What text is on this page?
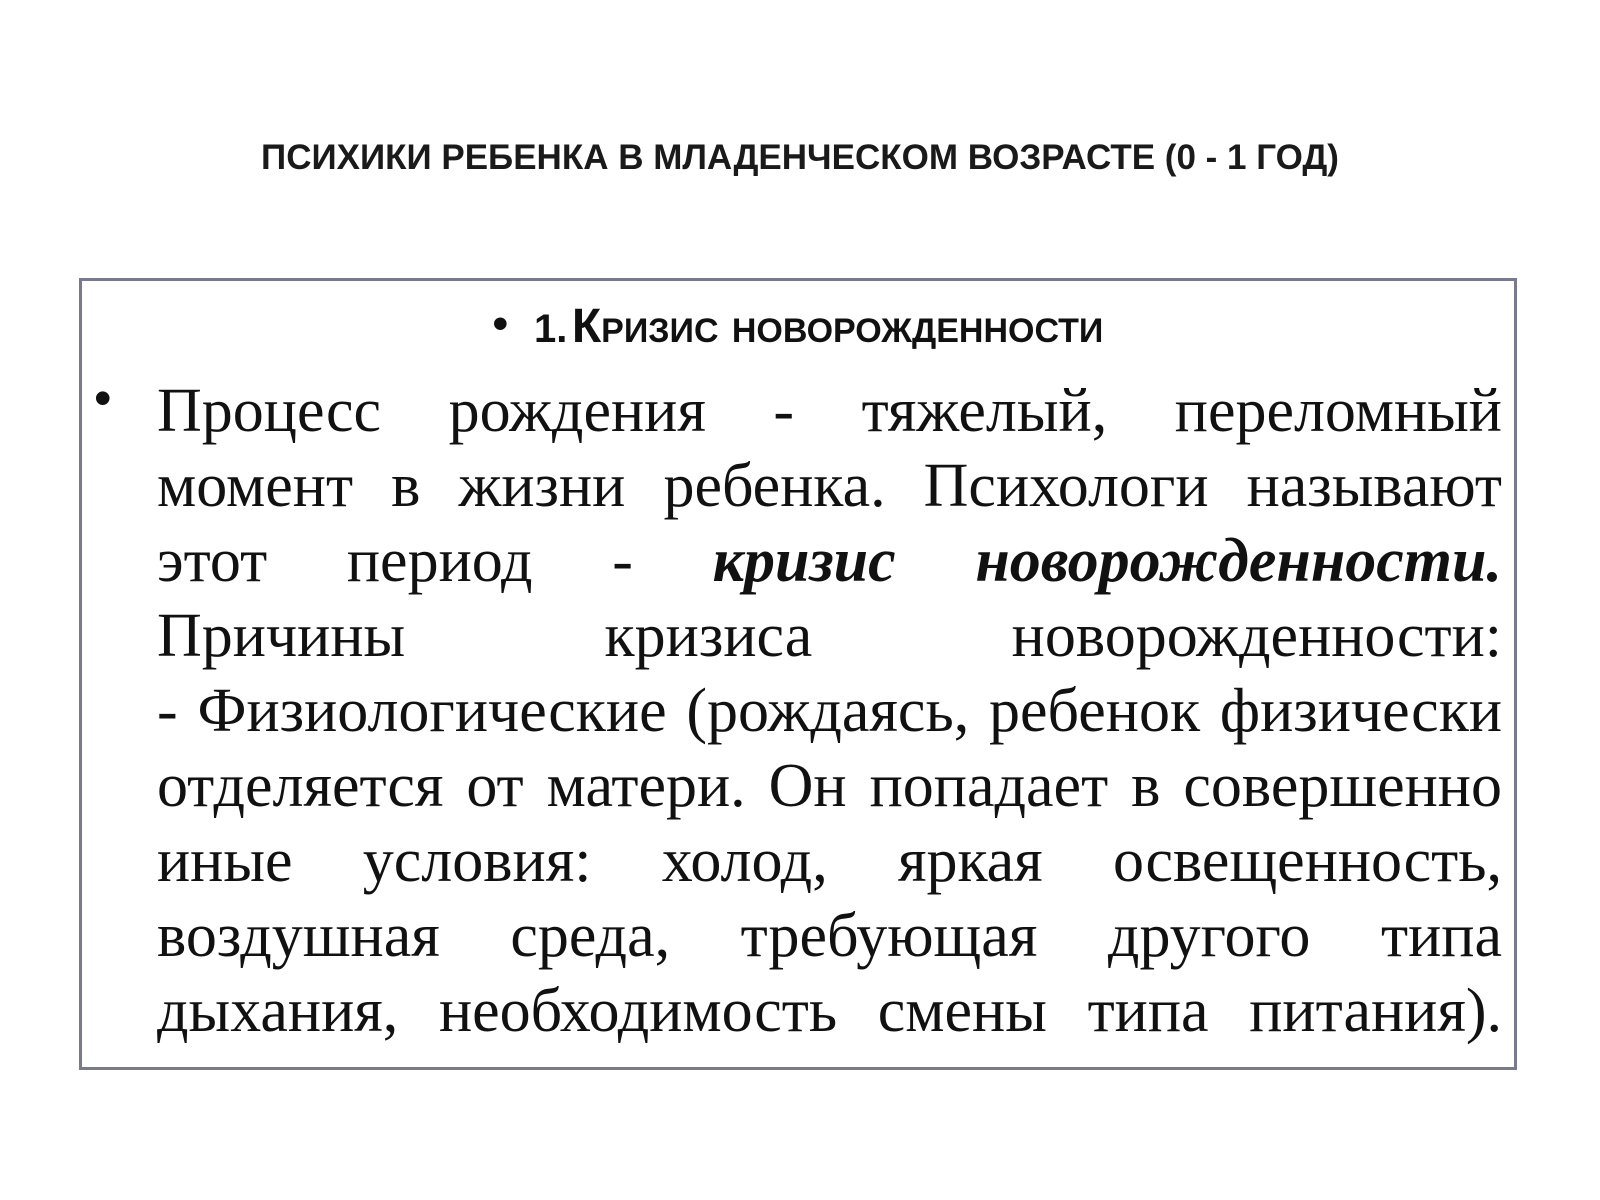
ПСИХИКИ РЕБЕНКА В МЛАДЕНЧЕСКОМ ВОЗРАСТЕ (0 - 1 ГОД)
• 1. Кризис новорожденности
• Процесс рождения - тяжелый, переломный
момент в жизни ребенка. Психологи называют
этот период - кризис новорожденности.
Причины кризиса новорожденности:
- Физиологические (рождаясь, ребенок физически
отделяется от матери. Он попадает в совершенно
иные условия: холод, яркая освещенность,
воздушная среда, требующая другого типа
дыхания, необходимость смены типа питания).
